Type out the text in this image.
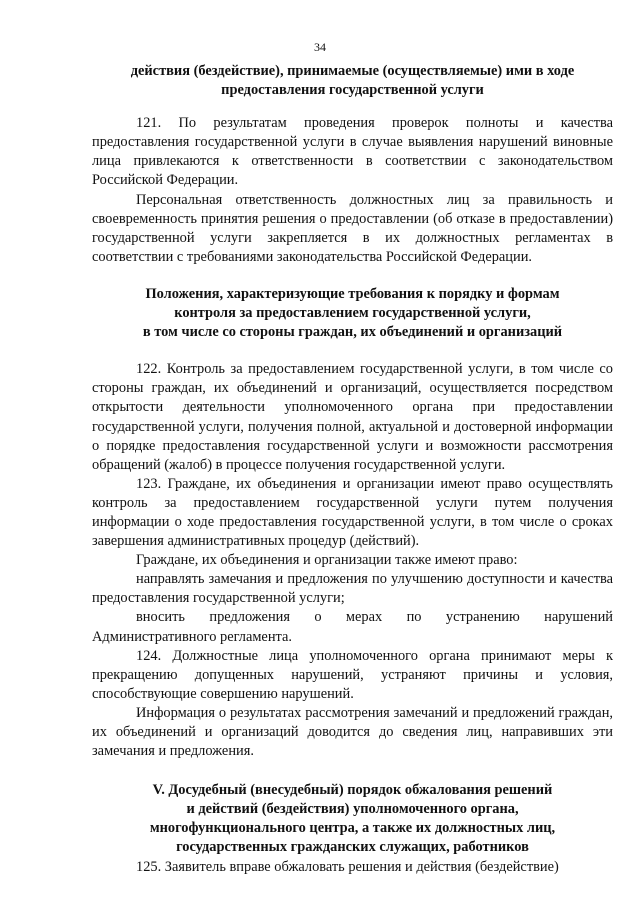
34
действия (бездействие), принимаемые (осуществляемые) ими в ходе
предоставления государственной услуги

121. По результатам проведения проверок полноты и качества предоставления государственной услуги в случае выявления нарушений виновные лица привлекаются к ответственности в соответствии с законодательством Российской Федерации.

Персональная ответственность должностных лиц за правильность и своевременность принятия решения о предоставлении (об отказе в предоставлении) государственной услуги закрепляется в их должностных регламентах в соответствии с требованиями законодательства Российской Федерации.

Положения, характеризующие требования к порядку и формам
контроля за предоставлением государственной услуги,
в том числе со стороны граждан, их объединений и организаций

122. Контроль за предоставлением государственной услуги, в том числе со стороны граждан, их объединений и организаций, осуществляется посредством открытости деятельности уполномоченного органа при предоставлении государственной услуги, получения полной, актуальной и достоверной информации о порядке предоставления государственной услуги и возможности рассмотрения обращений (жалоб) в процессе получения государственной услуги.

123. Граждане, их объединения и организации имеют право осуществлять контроль за предоставлением государственной услуги путем получения информации о ходе предоставления государственной услуги, в том числе о сроках завершения административных процедур (действий).

Граждане, их объединения и организации также имеют право:

направлять замечания и предложения по улучшению доступности и качества предоставления государственной услуги;

вносить предложения о мерах по устранению нарушений Административного регламента.

124. Должностные лица уполномоченного органа принимают меры к прекращению допущенных нарушений, устраняют причины и условия, способствующие совершению нарушений.

Информация о результатах рассмотрения замечаний и предложений граждан, их объединений и организаций доводится до сведения лиц, направивших эти замечания и предложения.

V. Досудебный (внесудебный) порядок обжалования решений
и действий (бездействия) уполномоченного органа,
многофункционального центра, а также их должностных лиц,
государственных гражданских служащих, работников

125. Заявитель вправе обжаловать решения и действия (бездействие)
